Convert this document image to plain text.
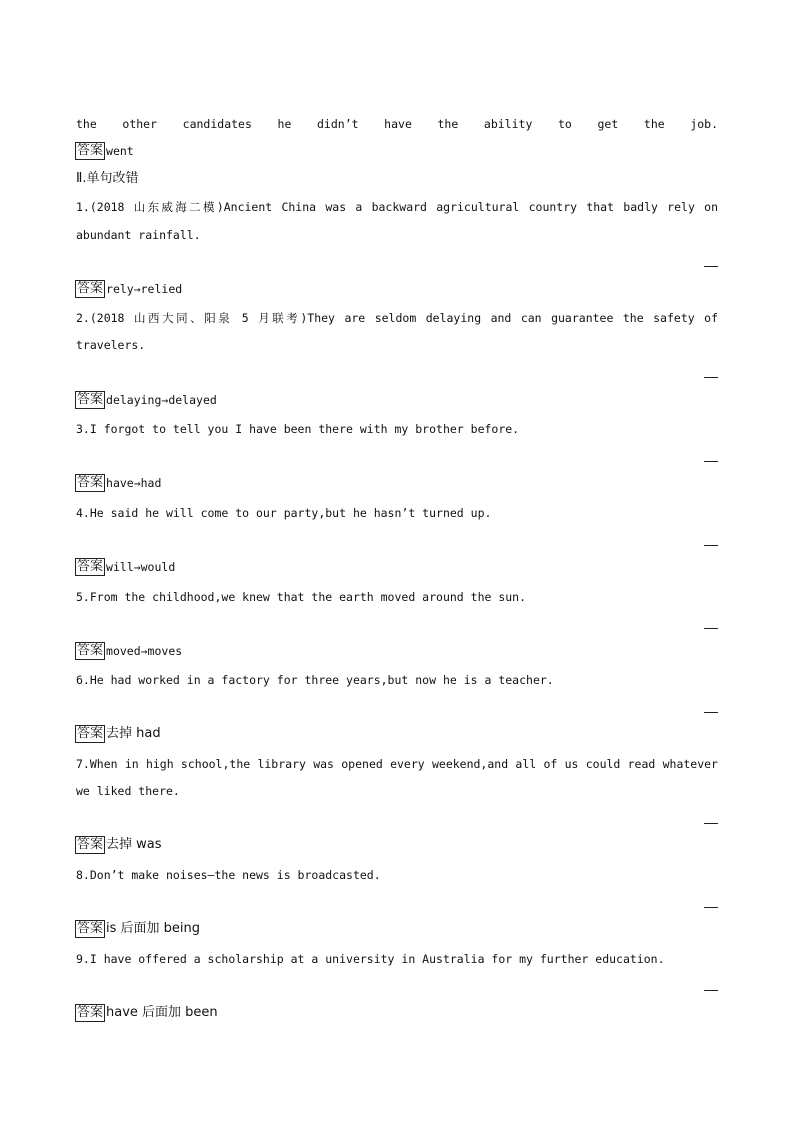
the other candidates he didn’t have the ability to get the job.
答案 went
Ⅱ.单句改错
1.(2018 山东威海二模)Ancient China was a backward agricultural country that badly rely on
abundant rainfall.
答案 rely→relied
2.(2018 山西大同、阳泉 5 月联考)They are seldom delaying and can guarantee the safety of
travelers.
答案 delaying→delayed
3.I forgot to tell you I have been there with my brother before.
答案 have→had
4.He said he will come to our party,but he hasn’t turned up.
答案 will→would
5.From the childhood,we knew that the earth moved around the sun.
答案 moved→moves
6.He had worked in a factory for three years,but now he is a teacher.
答案 去掉 had
7.When in high school,the library was opened every weekend,and all of us could read whatever
we liked there.
答案 去掉 was
8.Don’t make noises—the news is broadcasted.
答案 is 后面加 being
9.I have offered a scholarship at a university in Australia for my further education.
答案 have 后面加 been
